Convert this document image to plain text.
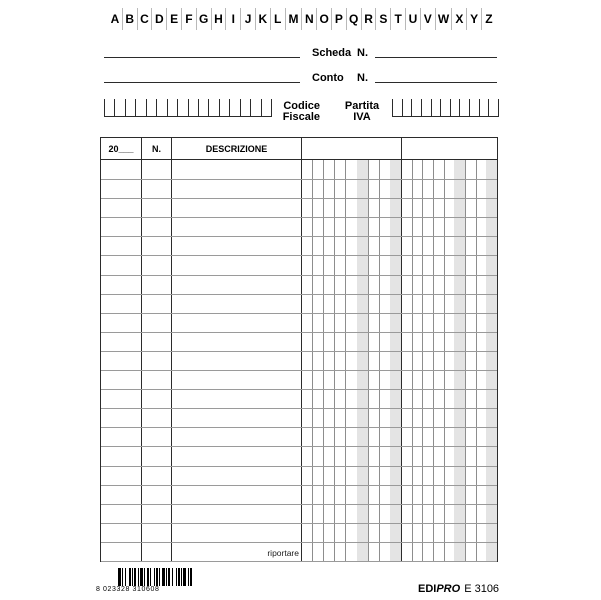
A B C D E F G H I J K L M N O P Q R S T U V W X Y Z
Scheda N.
Conto N.
Codice
Fiscale
Partita
IVA
20___	N.	DESCRIZIONE
riportare
8 023328 310608	EDIPRO E 3106
